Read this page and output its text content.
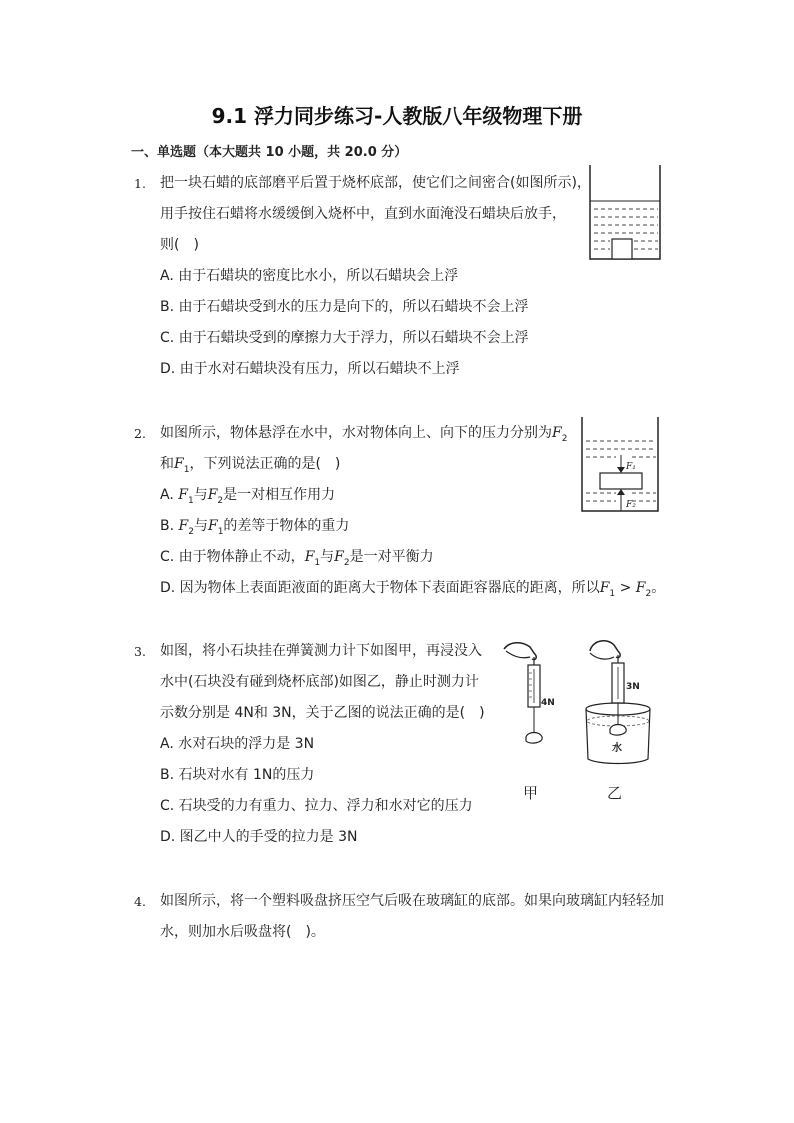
9.1 浮力同步练习-人教版八年级物理下册
一、单选题（本大题共 10 小题，共 20.0 分）
1. 把一块石蜡的底部磨平后置于烧杯底部，使它们之间密合(如图所示)，
用手按住石蜡将水缓缓倒入烧杯中，直到水面淹没石蜡块后放手，
则(　)
A. 由于石蜡块的密度比水小，所以石蜡块会上浮
B. 由于石蜡块受到水的压力是向下的，所以石蜡块不会上浮
C. 由于石蜡块受到的摩擦力大于浮力，所以石蜡块不会上浮
D. 由于水对石蜡块没有压力，所以石蜡块不上浮
2. 如图所示，物体悬浮在水中，水对物体向上、向下的压力分别为$F_2$
和$F_1$，下列说法正确的是(　)
A. $F_1$与$F_2$是一对相互作用力
B. $F_2$与$F_1$的差等于物体的重力
C. 由于物体静止不动，$F_1$与$F_2$是一对平衡力
D. 因为物体上表面距液面的距离大于物体下表面距容器底的距离，所以$F_1 > F_2$。
F₁
F₂
3. 如图，将小石块挂在弹簧测力计下如图甲，再浸没入
水中(石块没有碰到烧杯底部)如图乙，静止时测力计
示数分别是 4N和 3N，关于乙图的说法正确的是(　)
A. 水对石块的浮力是 3N
B. 石块对水有 1N的压力
C. 石块受的力有重力、拉力、浮力和水对它的压力
D. 图乙中人的手受的拉力是 3N
4N
3N
水
甲	乙
4. 如图所示，将一个塑料吸盘挤压空气后吸在玻璃缸的底部。如果向玻璃缸内轻轻加
水，则加水后吸盘将(　)。
